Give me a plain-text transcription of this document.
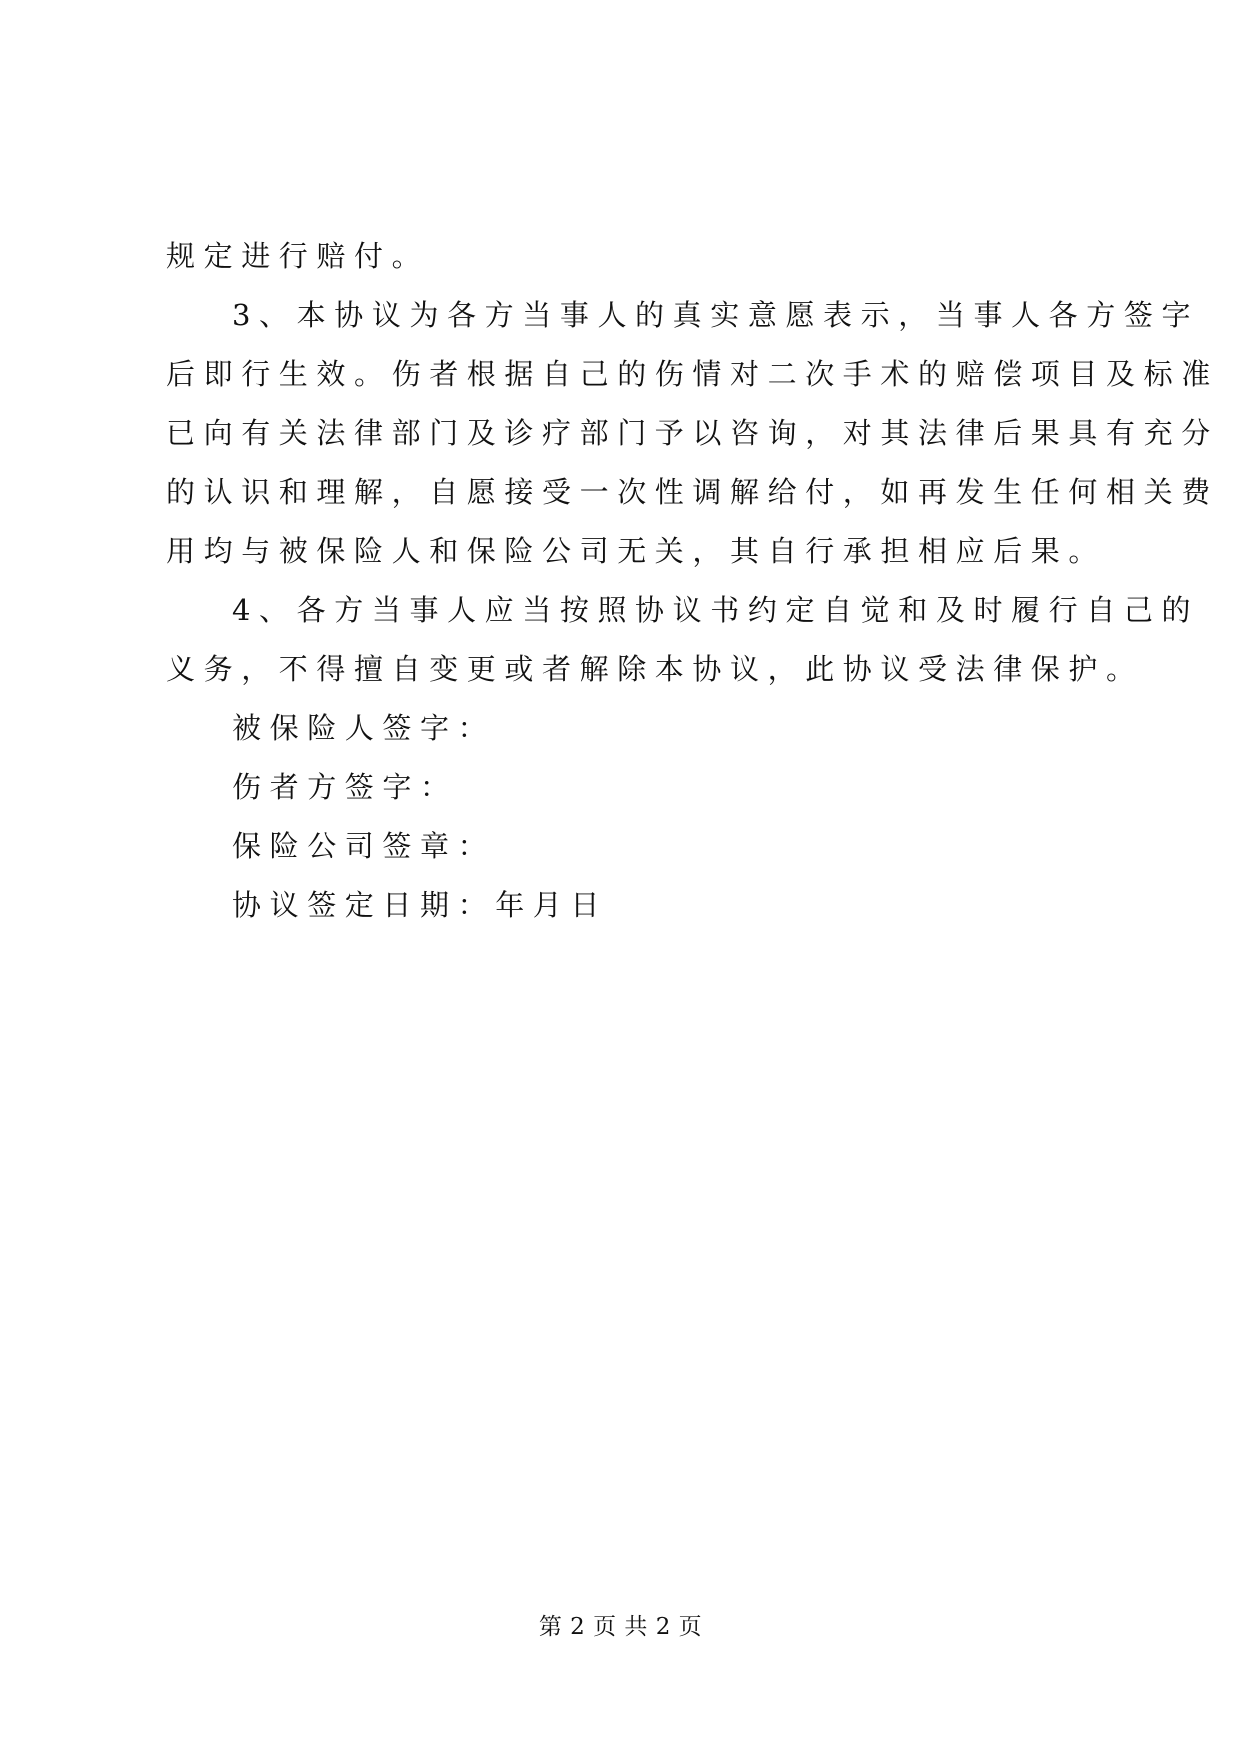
规定进行赔付。
3、本协议为各方当事人的真实意愿表示，当事人各方签字
后即行生效。伤者根据自己的伤情对二次手术的赔偿项目及标准
已向有关法律部门及诊疗部门予以咨询，对其法律后果具有充分
的认识和理解，自愿接受一次性调解给付，如再发生任何相关费
用均与被保险人和保险公司无关，其自行承担相应后果。
4、各方当事人应当按照协议书约定自觉和及时履行自己的
义务，不得擅自变更或者解除本协议，此协议受法律保护。
被保险人签字：
伤者方签字：
保险公司签章：
协议签定日期：年月日
第 2 页 共 2 页
